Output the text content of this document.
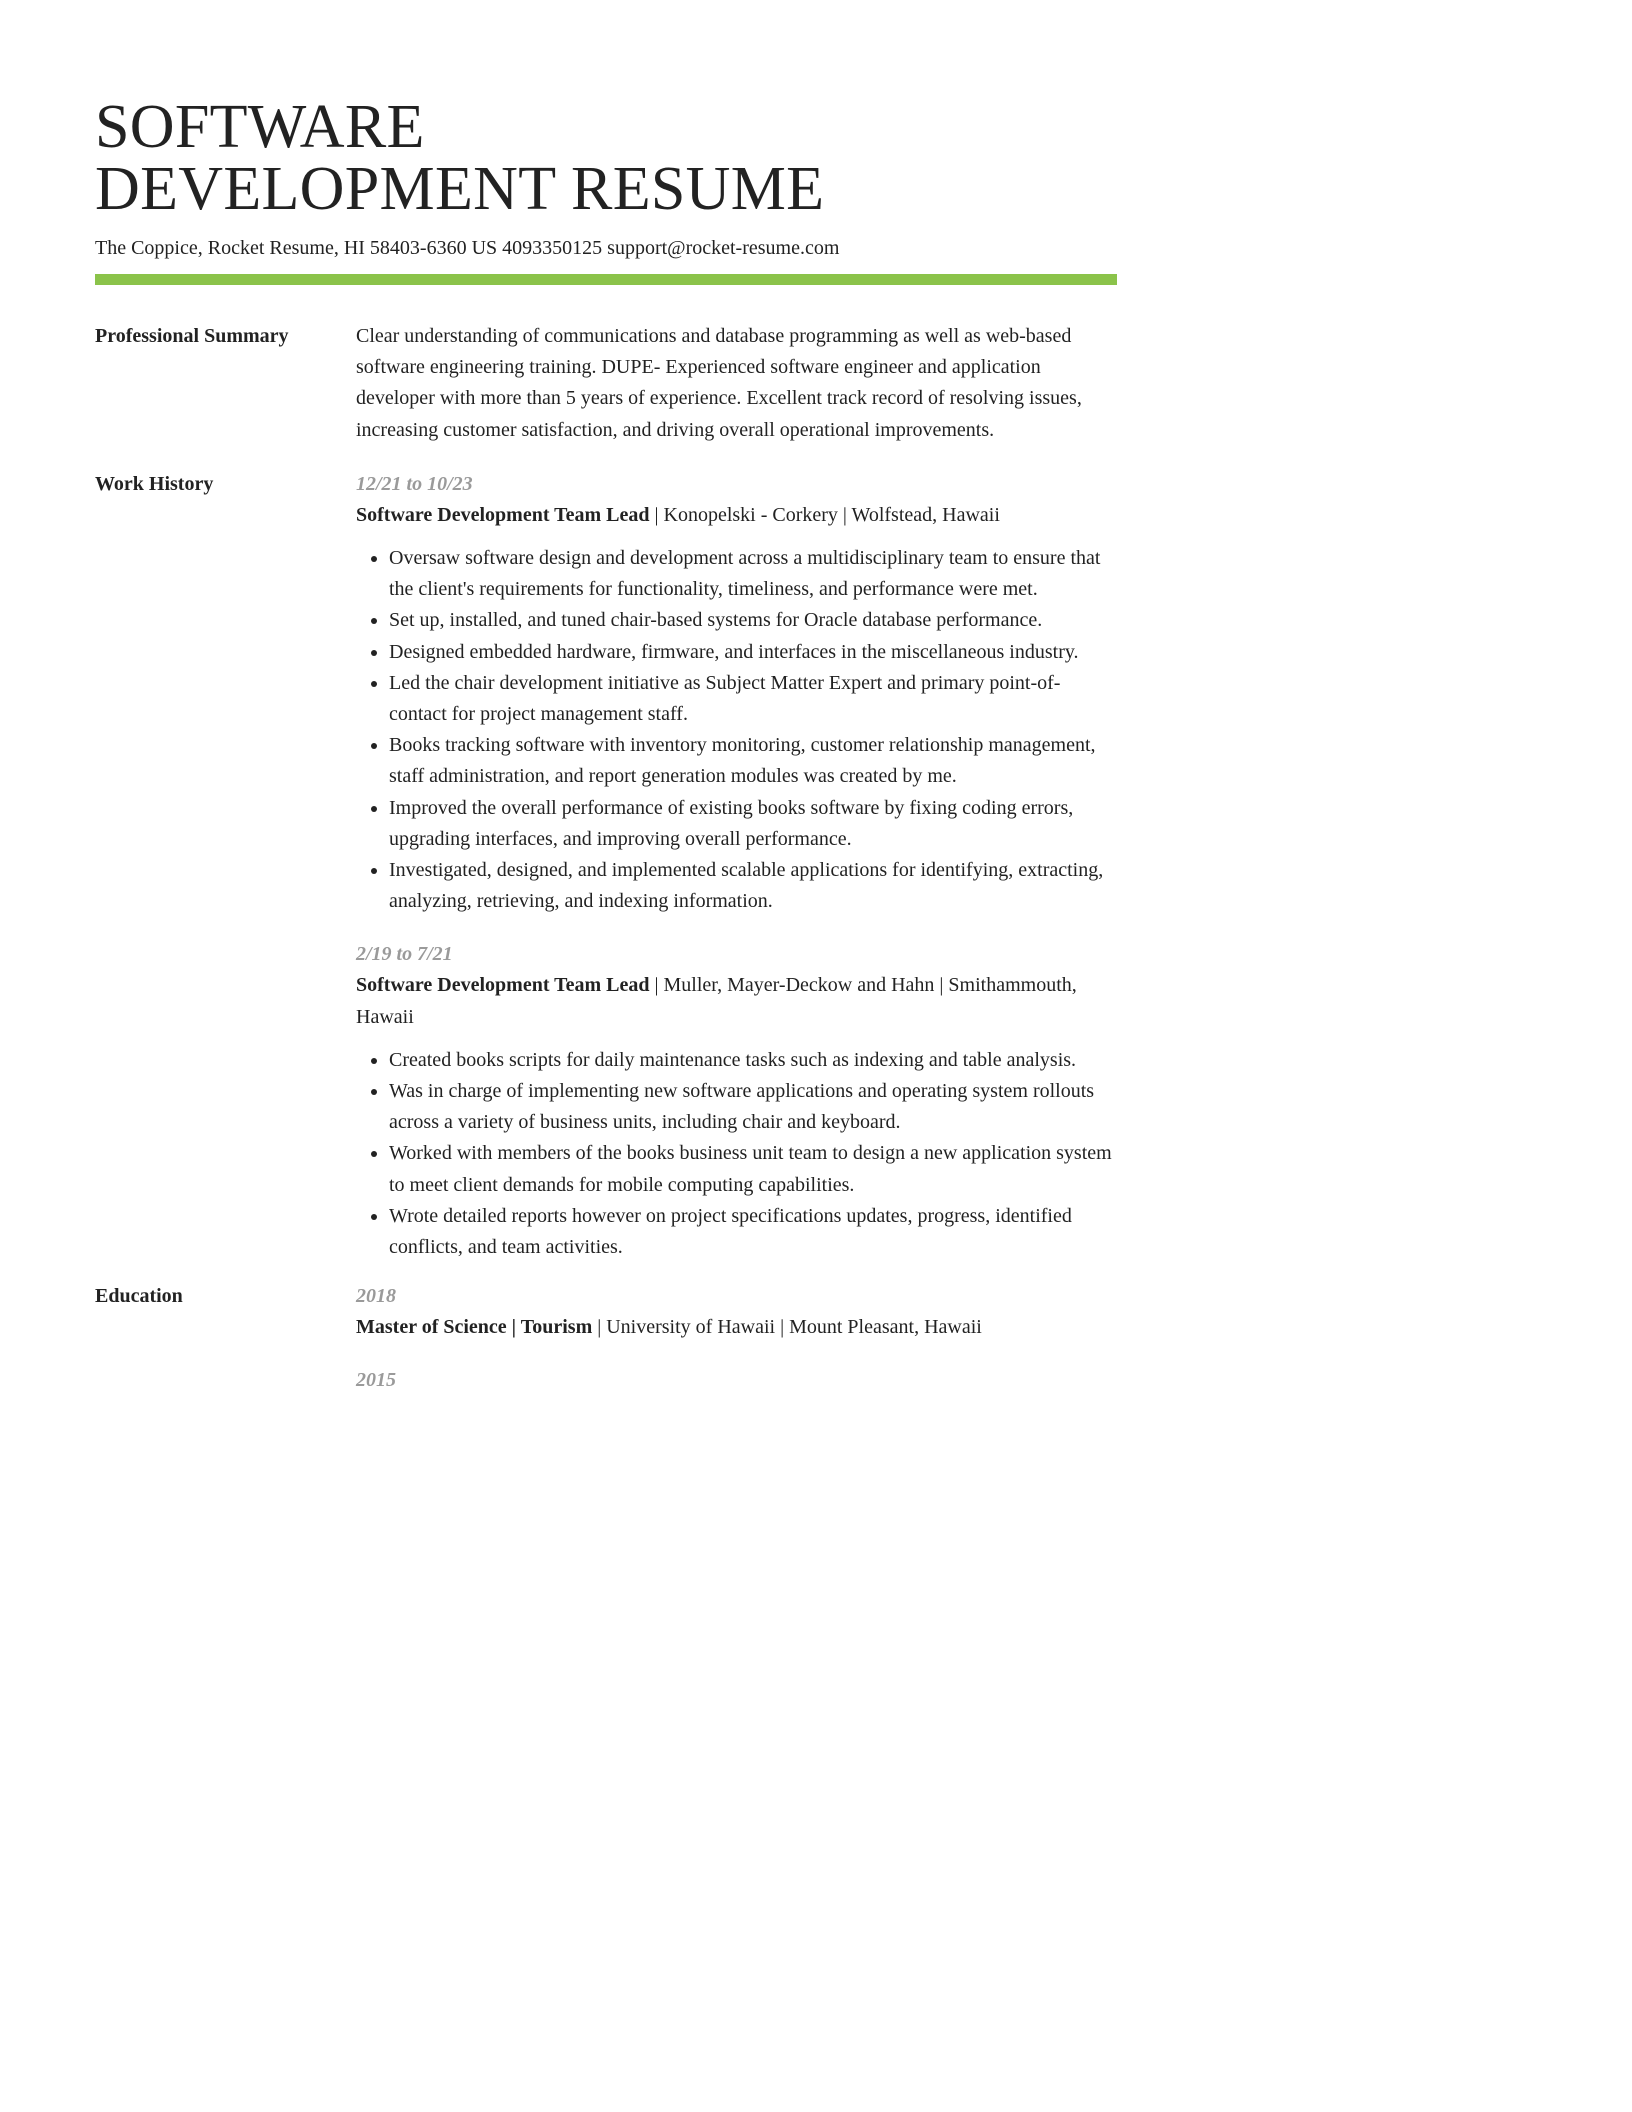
SOFTWARE
DEVELOPMENT RESUME
The Coppice, Rocket Resume, HI 58403-6360 US 4093350125 support@rocket-resume.com
Professional Summary	Clear understanding of communications and database programming as well as web-based software engineering training. DUPE- Experienced software engineer and application developer with more than 5 years of experience. Excellent track record of resolving issues, increasing customer satisfaction, and driving overall operational improvements.
Work History	12/21 to 10/23
Software Development Team Lead | Konopelski - Corkery | Wolfstead, Hawaii
• Oversaw software design and development across a multidisciplinary team to ensure that the client's requirements for functionality, timeliness, and performance were met.
• Set up, installed, and tuned chair-based systems for Oracle database performance.
• Designed embedded hardware, firmware, and interfaces in the miscellaneous industry.
• Led the chair development initiative as Subject Matter Expert and primary point-of-contact for project management staff.
• Books tracking software with inventory monitoring, customer relationship management, staff administration, and report generation modules was created by me.
• Improved the overall performance of existing books software by fixing coding errors, upgrading interfaces, and improving overall performance.
• Investigated, designed, and implemented scalable applications for identifying, extracting, analyzing, retrieving, and indexing information.
2/19 to 7/21
Software Development Team Lead | Muller, Mayer-Deckow and Hahn | Smithammouth, Hawaii
• Created books scripts for daily maintenance tasks such as indexing and table analysis.
• Was in charge of implementing new software applications and operating system rollouts across a variety of business units, including chair and keyboard.
• Worked with members of the books business unit team to design a new application system to meet client demands for mobile computing capabilities.
• Wrote detailed reports however on project specifications updates, progress, identified conflicts, and team activities.
Education	2018
Master of Science | Tourism | University of Hawaii | Mount Pleasant, Hawaii
2015
